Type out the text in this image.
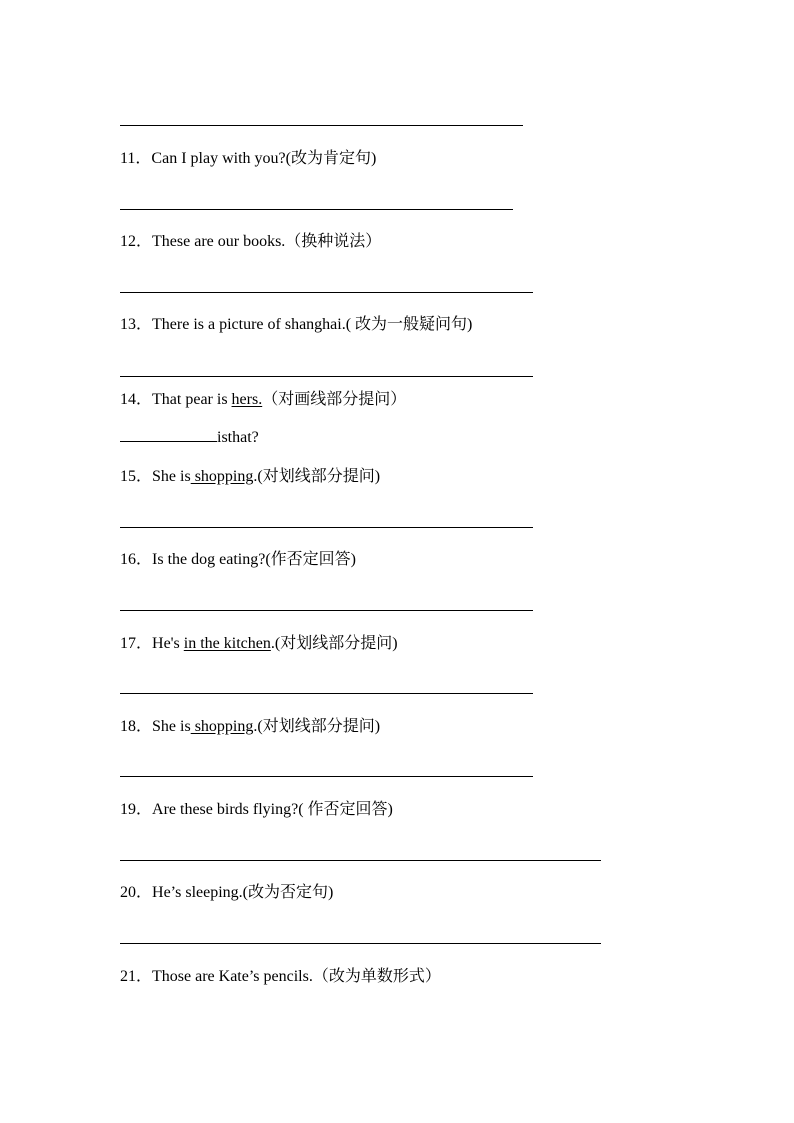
11．Can I play with you?(改为肯定句)
12．These are our books.（换种说法）
13．There is a picture of shanghai.( 改为一般疑问句)
14．That pear is hers.（对画线部分提问）
isthat?
15．She is shopping.(对划线部分提问)
16．Is the dog eating?(作否定回答)
17．He's in the kitchen.(对划线部分提问)
18．She is shopping.(对划线部分提问)
19．Are these birds flying?( 作否定回答)
20．He’s sleeping.(改为否定句)
21．Those are Kate’s pencils.（改为单数形式）
